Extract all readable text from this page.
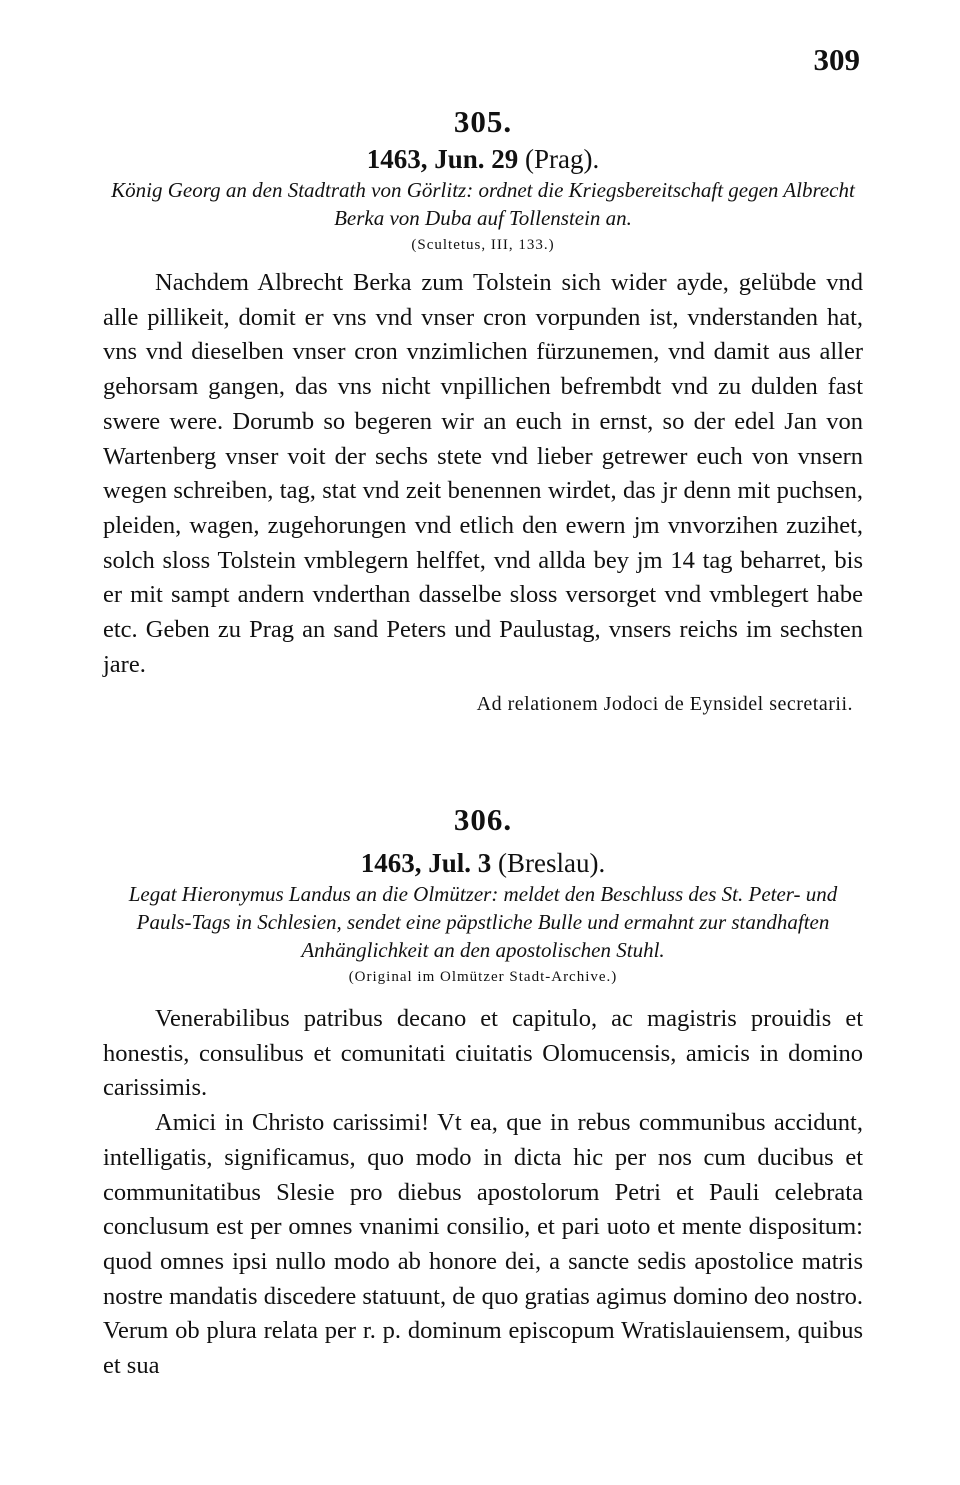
309

305.

1463, Jun. 29 (Prag).

König Georg an den Stadtrath von Görlitz: ordnet die Kriegsbereitschaft gegen Albrecht Berka von Duba auf Tollenstein an.

(Scultetus, III, 133.)

Nachdem Albrecht Berka zum Tolstein sich wider ayde, gelübde vnd alle pillikeit, domit er vns vnd vnser cron vorpunden ist, vnderstanden hat, vns vnd dieselben vnser cron vnzimlichen fürzunemen, vnd damit aus aller gehorsam gangen, das vns nicht vnpillichen befrembdt vnd zu dulden fast swere were. Dorumb so begeren wir an euch in ernst, so der edel Jan von Wartenberg vnser voit der sechs stete vnd lieber getrewer euch von vnsern wegen schreiben, tag, stat vnd zeit benennen wirdet, das jr denn mit puchsen, pleiden, wagen, zugehorungen vnd etlich den ewern jm vnvorzihen zuzihet, solch sloss Tolstein vmblegern helffet, vnd allda bey jm 14 tag beharret, bis er mit sampt andern vnderthan dasselbe sloss versorget vnd vmblegert habe etc. Geben zu Prag an sand Peters und Paulustag, vnsers reichs im sechsten jare.

Ad relationem Jodoci de Eynsidel secretarii.

306.

1463, Jul. 3 (Breslau).

Legat Hieronymus Landus an die Olmützer: meldet den Beschluss des St. Peter- und Pauls-Tags in Schlesien, sendet eine päpstliche Bulle und ermahnt zur standhaften Anhänglichkeit an den apostolischen Stuhl.

(Original im Olmützer Stadt-Archive.)

Venerabilibus patribus decano et capitulo, ac magistris prouidis et honestis, consulibus et comunitati ciuitatis Olomucensis, amicis in domino carissimis.

Amici in Christo carissimi! Vt ea, que in rebus communibus accidunt, intelligatis, significamus, quo modo in dicta hic per nos cum ducibus et communitatibus Slesie pro diebus apostolorum Petri et Pauli celebrata conclusum est per omnes vnanimi consilio, et pari uoto et mente dispositum: quod omnes ipsi nullo modo ab honore dei, a sancte sedis apostolice matris nostre mandatis discedere statuunt, de quo gratias agimus domino deo nostro. Verum ob plura relata per r. p. dominum episcopum Wratislauiensem, quibus et sua
